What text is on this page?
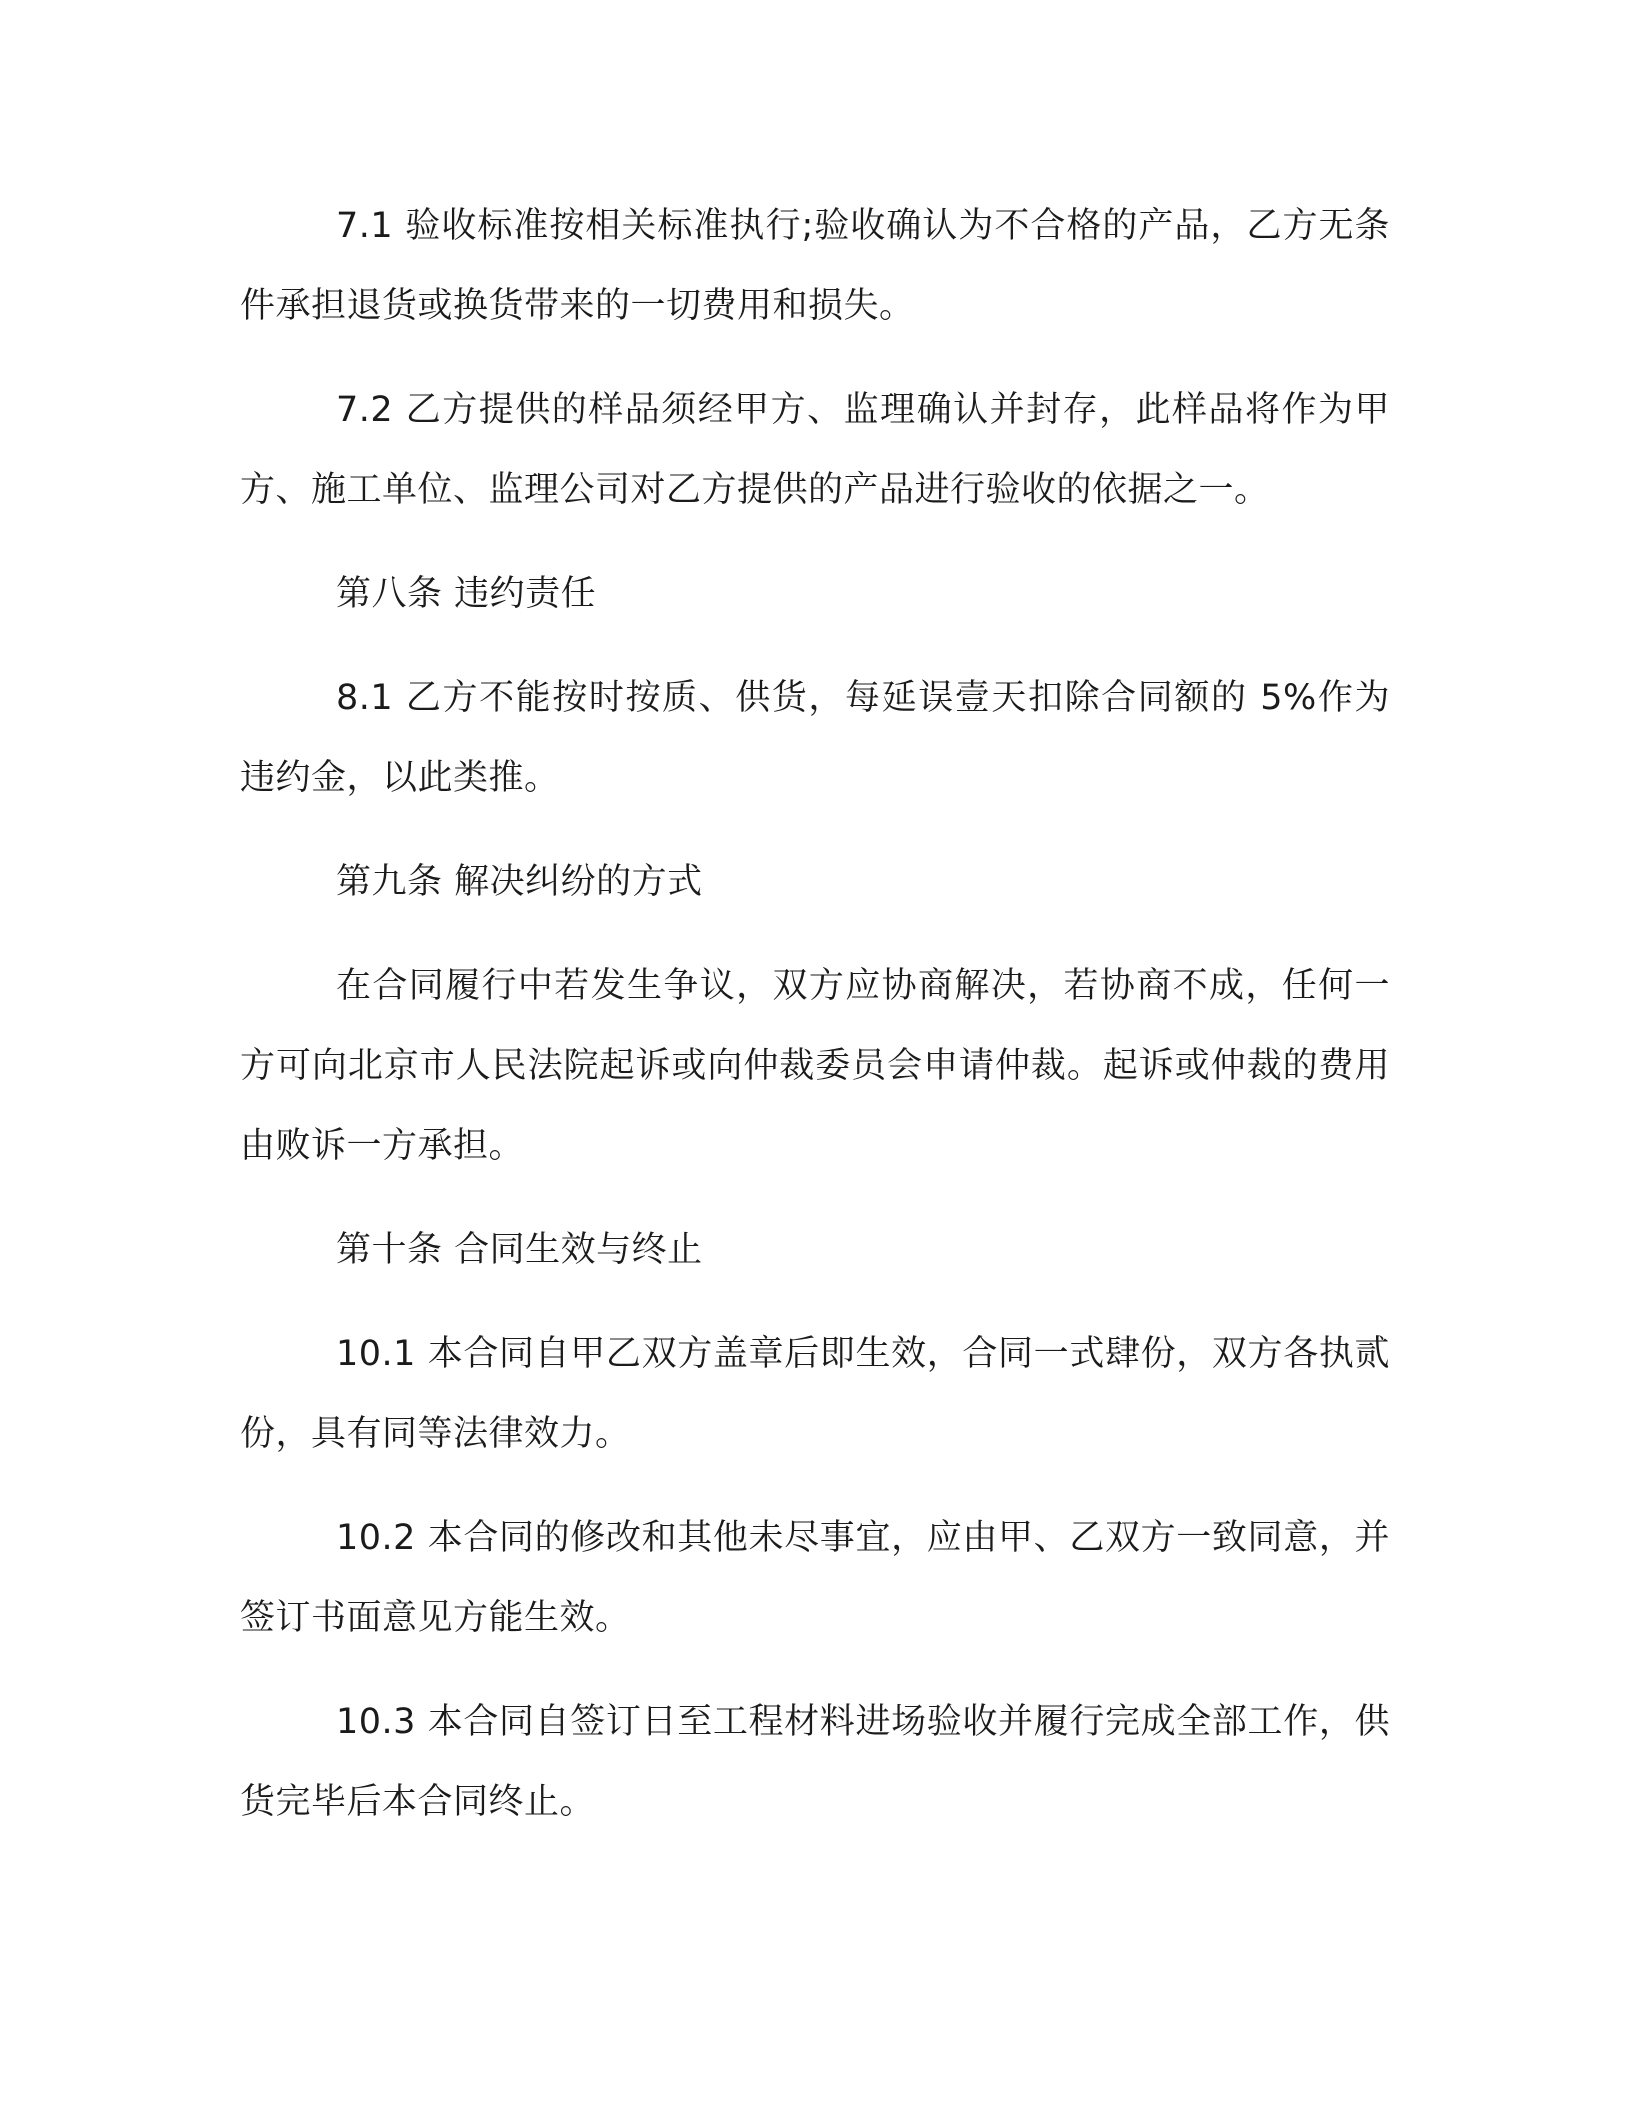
7.1 验收标准按相关标准执行;验收确认为不合格的产品，乙方无条件承担退货或换货带来的一切费用和损失。

7.2 乙方提供的样品须经甲方、监理确认并封存，此样品将作为甲方、施工单位、监理公司对乙方提供的产品进行验收的依据之一。

第八条 违约责任

8.1 乙方不能按时按质、供货，每延误壹天扣除合同额的 5%作为违约金，以此类推。

第九条 解决纠纷的方式

在合同履行中若发生争议，双方应协商解决，若协商不成，任何一方可向北京市人民法院起诉或向仲裁委员会申请仲裁。起诉或仲裁的费用由败诉一方承担。

第十条 合同生效与终止

10.1 本合同自甲乙双方盖章后即生效，合同一式肆份，双方各执贰份，具有同等法律效力。

10.2 本合同的修改和其他未尽事宜，应由甲、乙双方一致同意，并签订书面意见方能生效。

10.3 本合同自签订日至工程材料进场验收并履行完成全部工作，供货完毕后本合同终止。
